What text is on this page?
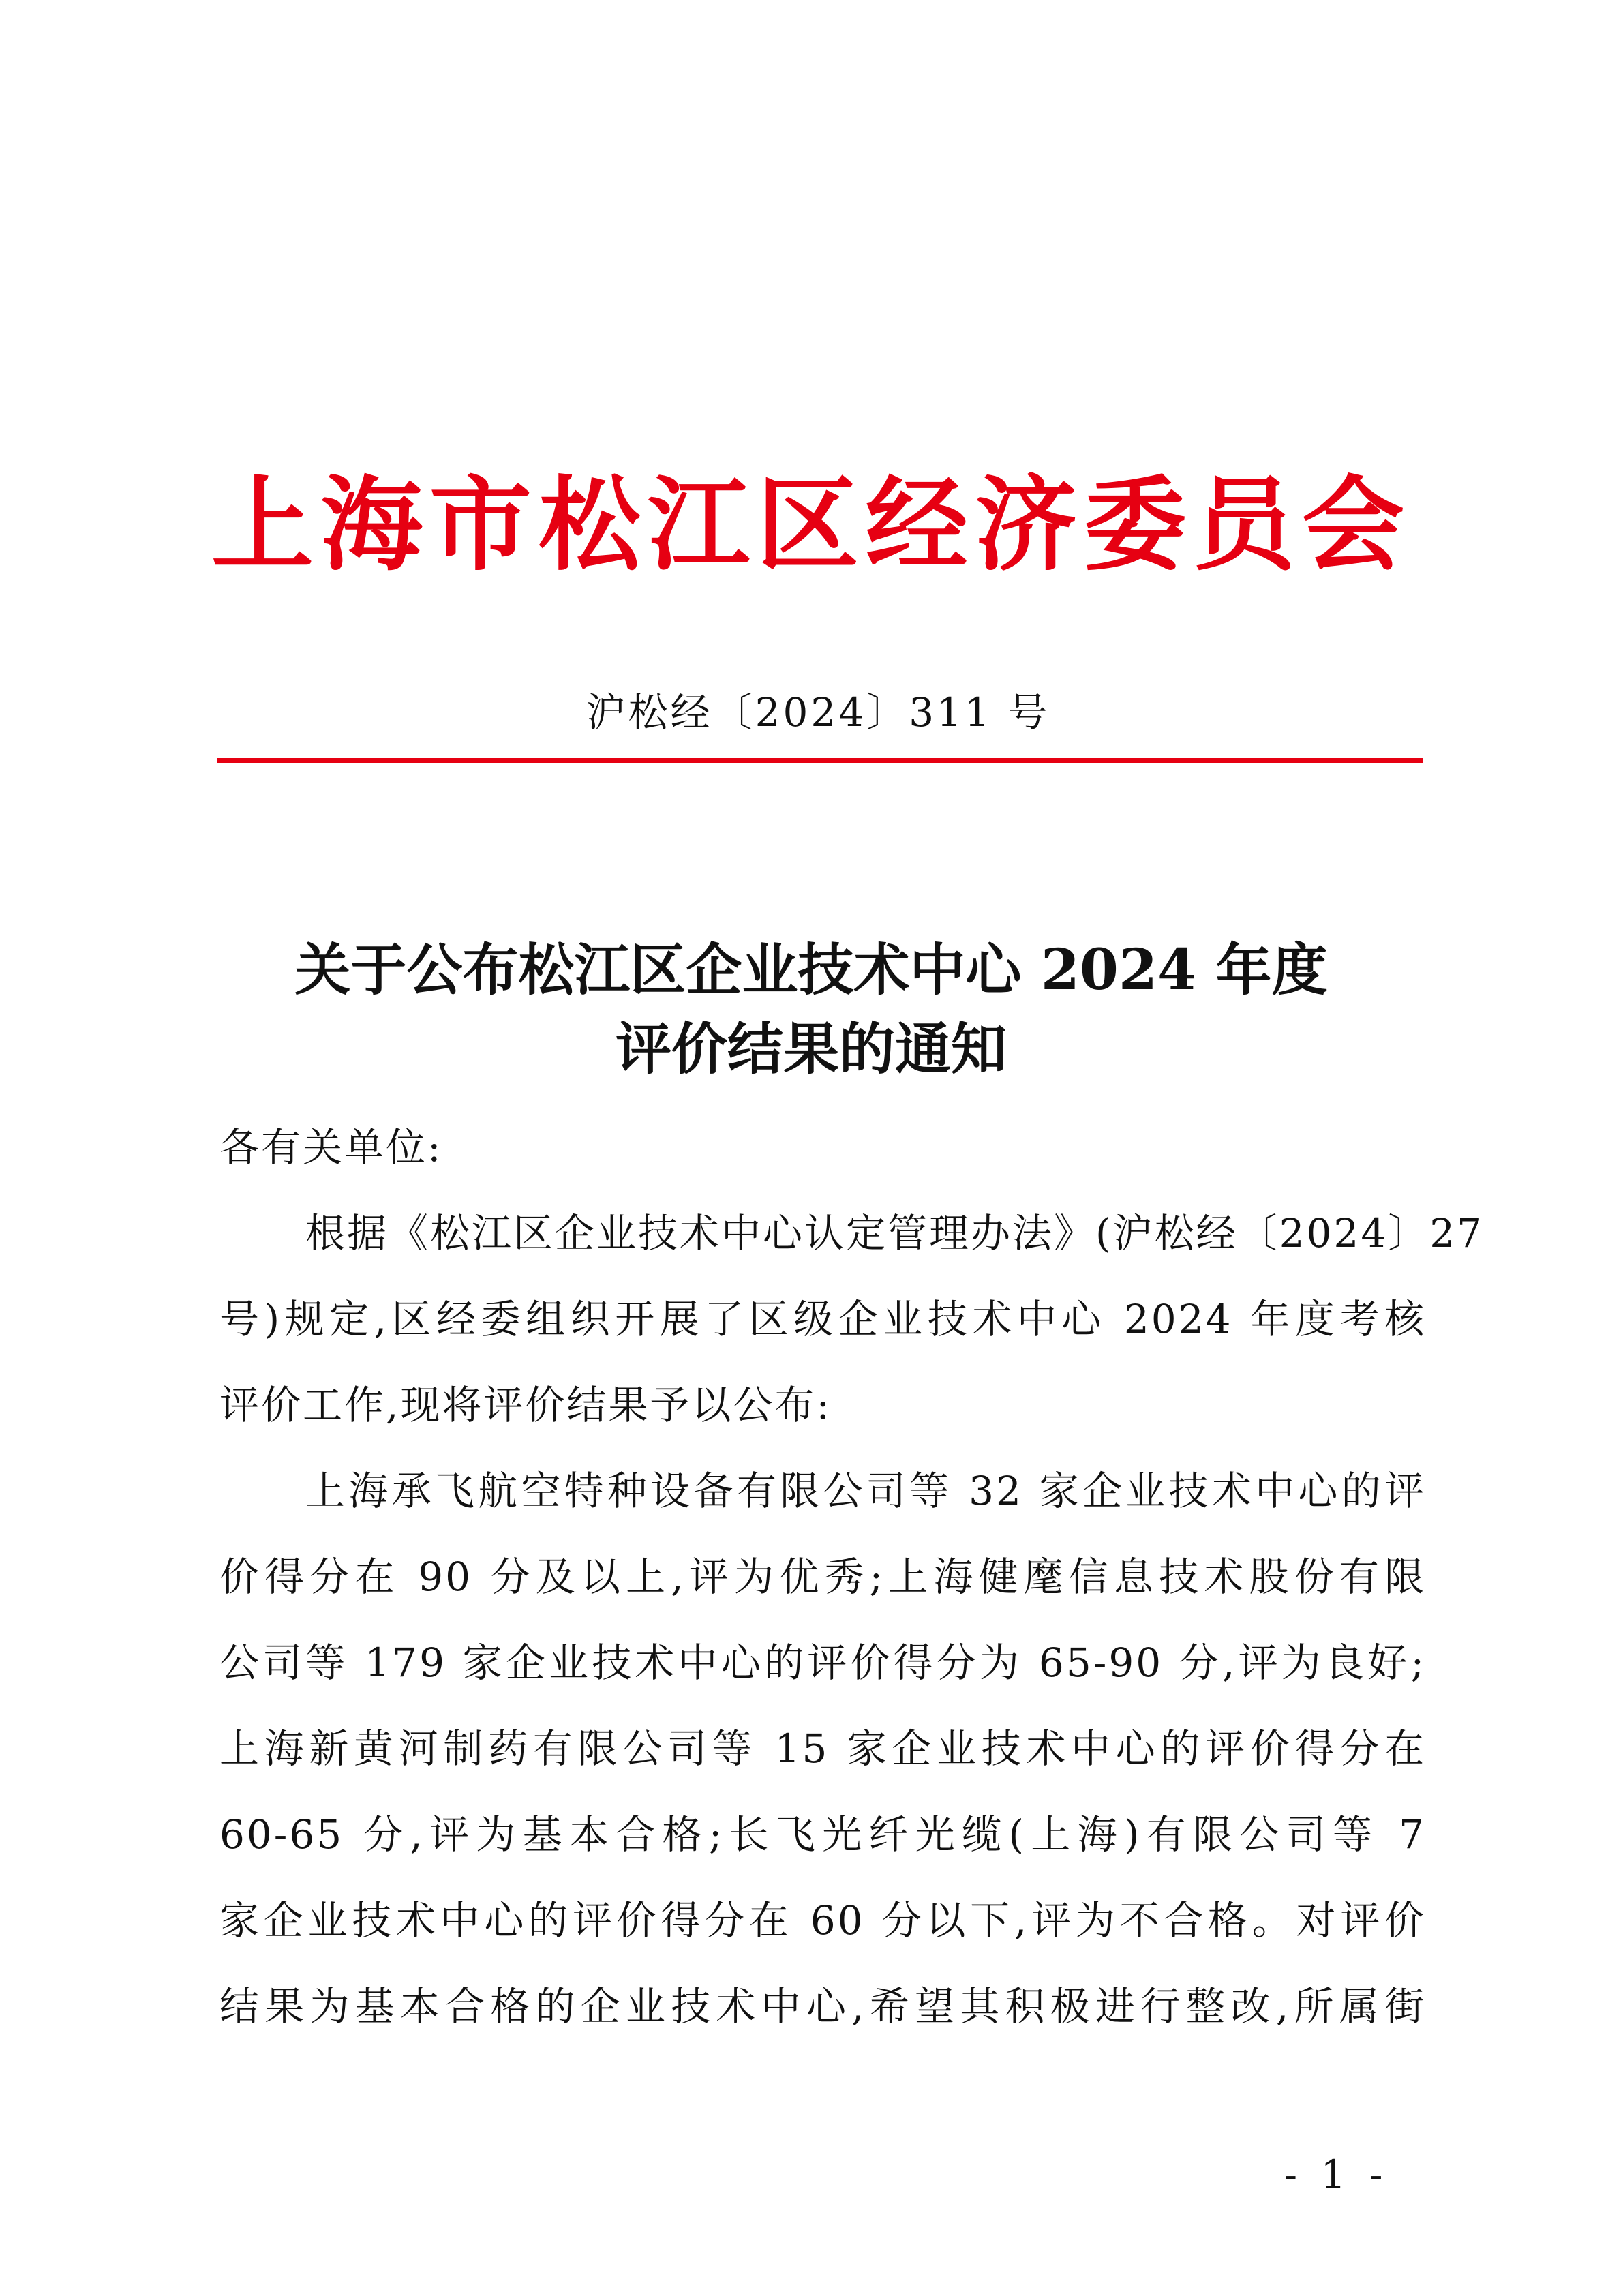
上海市松江区经济委员会
沪松经〔2024〕311 号
关于公布松江区企业技术中心 2024 年度
评价结果的通知
各有关单位:
根据《松江区企业技术中心认定管理办法》(沪松经〔2024〕27
号)规定,区经委组织开展了区级企业技术中心 2024 年度考核
评价工作,现将评价结果予以公布:
上海承飞航空特种设备有限公司等 32 家企业技术中心的评
价得分在 90 分及以上,评为优秀;上海健麾信息技术股份有限
公司等 179 家企业技术中心的评价得分为 65-90 分,评为良好;
上海新黄河制药有限公司等 15 家企业技术中心的评价得分在
60-65 分,评为基本合格;长飞光纤光缆(上海)有限公司等 7
家企业技术中心的评价得分在 60 分以下,评为不合格。对评价
结果为基本合格的企业技术中心,希望其积极进行整改,所属街
- 1 -
